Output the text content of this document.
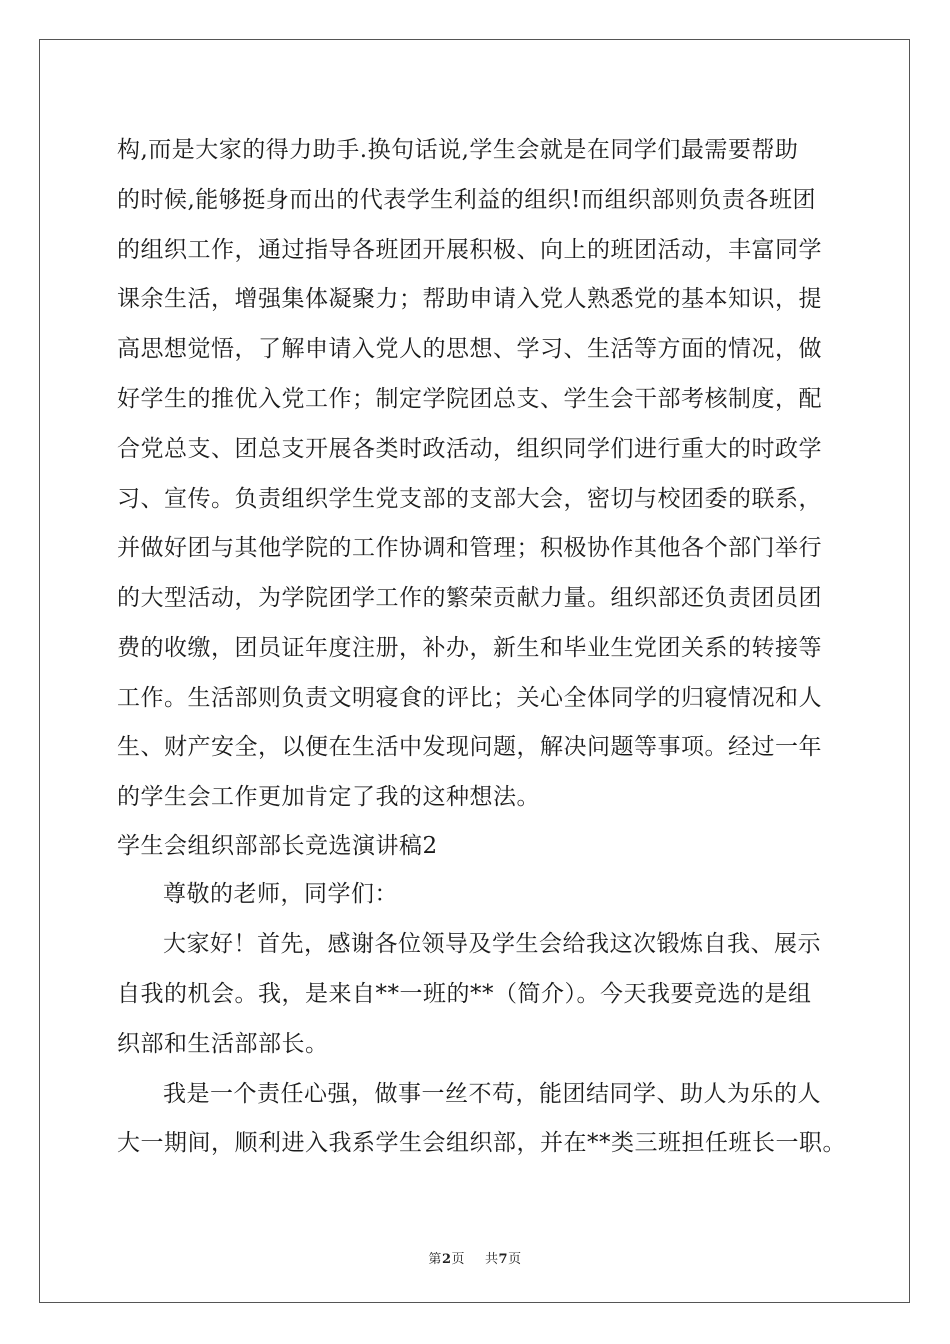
构,而是大家的得力助手.换句话说,学生会就是在同学们最需要帮助
的时候,能够挺身而出的代表学生利益的组织!而组织部则负责各班团
的组织工作，通过指导各班团开展积极、向上的班团活动，丰富同学
课余生活，增强集体凝聚力；帮助申请入党人熟悉党的基本知识，提
高思想觉悟，了解申请入党人的思想、学习、生活等方面的情况，做
好学生的推优入党工作；制定学院团总支、学生会干部考核制度，配
合党总支、团总支开展各类时政活动，组织同学们进行重大的时政学
习、宣传。负责组织学生党支部的支部大会，密切与校团委的联系，
并做好团与其他学院的工作协调和管理；积极协作其他各个部门举行
的大型活动，为学院团学工作的繁荣贡献力量。组织部还负责团员团
费的收缴，团员证年度注册，补办，新生和毕业生党团关系的转接等
工作。生活部则负责文明寝食的评比；关心全体同学的归寝情况和人
生、财产安全，以便在生活中发现问题，解决问题等事项。经过一年
的学生会工作更加肯定了我的这种想法。
学生会组织部部长竞选演讲稿2
尊敬的老师，同学们：
大家好！首先，感谢各位领导及学生会给我这次锻炼自我、展示
自我的机会。我，是来自**一班的**（简介）。今天我要竞选的是组
织部和生活部部长。
我是一个责任心强，做事一丝不苟，能团结同学、助人为乐的人
大一期间，顺利进入我系学生会组织部，并在**类三班担任班长一职。
第2页 共7页
